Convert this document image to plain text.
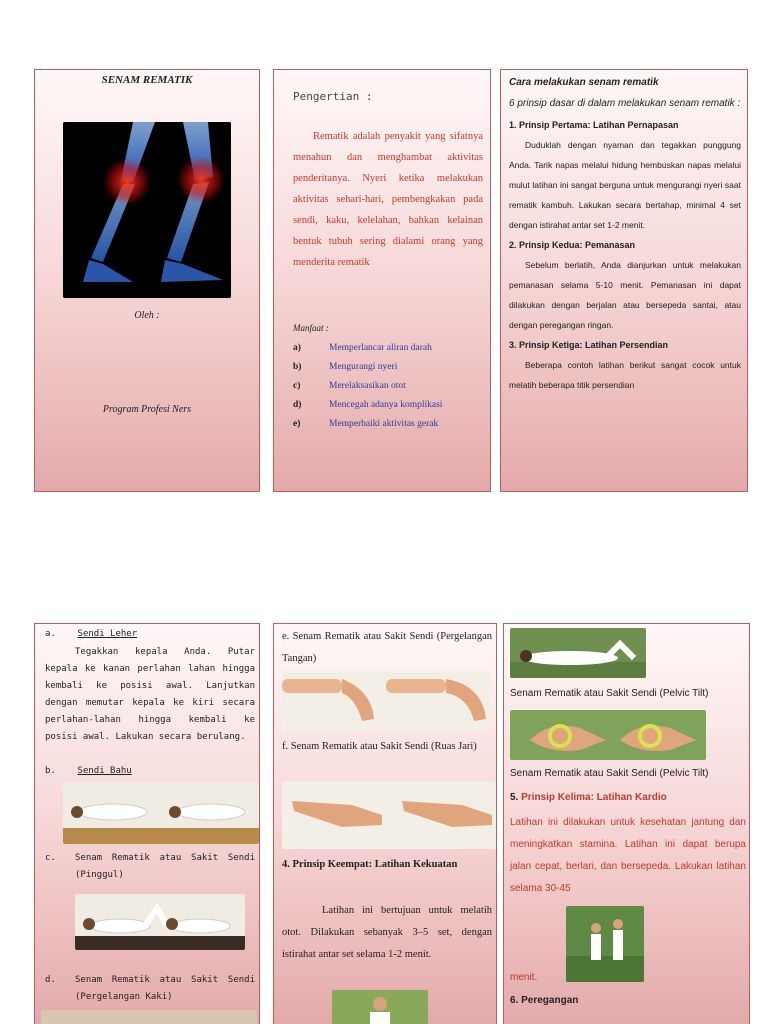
SENAM REMATIK
Oleh :
Program Profesi Ners
Pengertian :
Rematik adalah penyakit yang sifatnya menahun dan menghambat aktivitas penderitanya. Nyeri ketika melakukan aktivitas sehari-hari, pembengkakan pada sendi, kaku, kelelahan, bahkan kelainan bentuk tubuh sering dialami orang yang menderita rematik
Manfaat :
a)	Memperlancar aliran darah
b)	Mengurangi nyeri
c)	Merelaksasikan otot
d)	Mencegah adanya komplikasi
e)	Memperbaiki aktivitas gerak
Cara melakukan senam rematik
6 prinsip dasar di dalam melakukan senam rematik :
1. Prinsip Pertama: Latihan Pernapasan
Duduklah dengan nyaman dan tegakkan punggung Anda. Tarik napas melalui hidung hembuskan napas melalui mulut latihan ini sangat berguna untuk mengurangi nyeri saat rematik kambuh. Lakukan secara bertahap, minimal 4 set dengan istirahat antar set 1-2 menit.
2. Prinsip Kedua: Pemanasan
Sebelum berlatih, Anda dianjurkan untuk melakukan pemanasan selama 5-10 menit. Pemanasan ini dapat dilakukan dengan berjalan atau bersepeda santai, atau dengan peregangan ringan.
3. Prinsip Ketiga: Latihan Persendian
Beberapa contoh latihan berikut sangat cocok untuk melatih beberapa titik persendian
a. Sendi Leher
Tegakkan kepala Anda. Putar kepala ke kanan perlahan lahan hingga kembali ke posisi awal. Lanjutkan dengan memutar kepala ke kiri secara perlahan-lahan hingga kembali ke posisi awal. Lakukan secara berulang.
b. Sendi Bahu
c.	Senam Rematik atau Sakit Sendi (Pinggul)
d.	Senam Rematik atau Sakit Sendi (Pergelangan Kaki)
e. Senam Rematik atau Sakit Sendi (Pergelangan Tangan)
f. Senam Rematik atau Sakit Sendi (Ruas Jari)
4. Prinsip Keempat: Latihan Kekuatan
Latihan ini bertujuan untuk melatih otot. Dilakukan sebanyak 3–5 set, dengan istirahat antar set selama 1-2 menit.
Senam Rematik atau Sakit Sendi (Pelvic Tilt)
Senam Rematik atau Sakit Sendi (Pelvic Tilt)
5. Prinsip Kelima: Latihan Kardio
Latihan ini dilakukan untuk kesehatan jantung dan meningkatkan stamina. Latihan ini dapat berupa jalan cepat, berlari, dan bersepeda. Lakukan latihan selama 30-45
menit.
6. Peregangan
